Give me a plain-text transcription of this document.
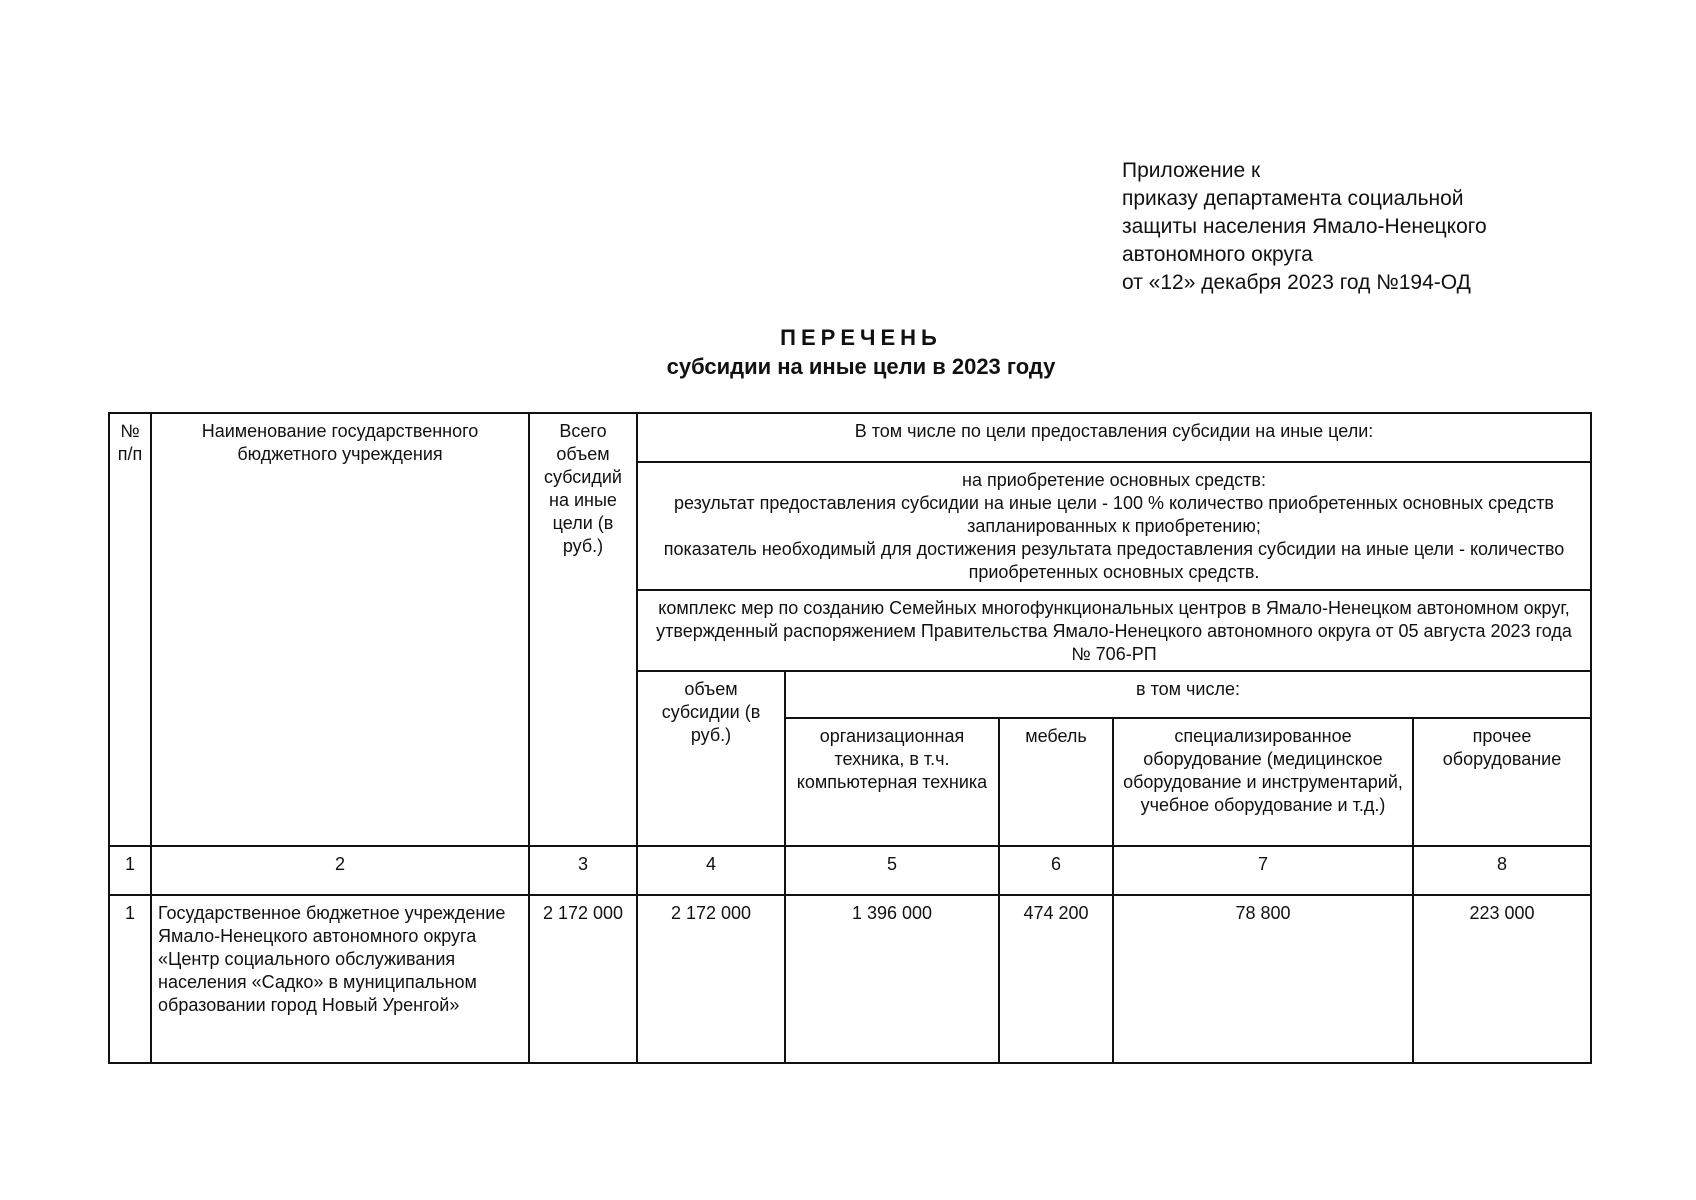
Приложение к
приказу департамента социальной
защиты населения Ямало-Ненецкого
автономного округа
от «12» декабря 2023 год №194-ОД
ПЕРЕЧЕНЬ
субсидии на иные цели в 2023 году
№ п/п	Наименование государственного бюджетного учреждения	Всего объем субсидий на иные цели (в руб.)	В том числе по цели предоставления субсидии на иные цели:				

			на приобретение основных средств:
результат предоставления субсидии на иные цели - 100 % количество приобретенных основных средств запланированных к приобретению;
показатель необходимый для достижения результата предоставления субсидии на иные цели - количество приобретенных основных средств.				

			комплекс мер по созданию Семейных многофункциональных центров в Ямало-Ненецком автономном округ, утвержденный распоряжением Правительства Ямало-Ненецкого автономного округа от 05 августа 2023 года № 706-РП				
			объем субсидии (в руб.)	в том числе:			
				организационная техника, в т.ч. компьютерная техника	мебель	специализированное оборудование (медицинское оборудование и инструментарий, учебное оборудование и т.д.)	прочее оборудование
1	2	3	4	5	6	7	8
1	Государственное бюджетное учреждение Ямало-Ненецкого автономного округа «Центр социального обслуживания населения «Садко» в муниципальном образовании город Новый Уренгой»	2 172 000	2 172 000	1 396 000	474 200	78 800	223 000
